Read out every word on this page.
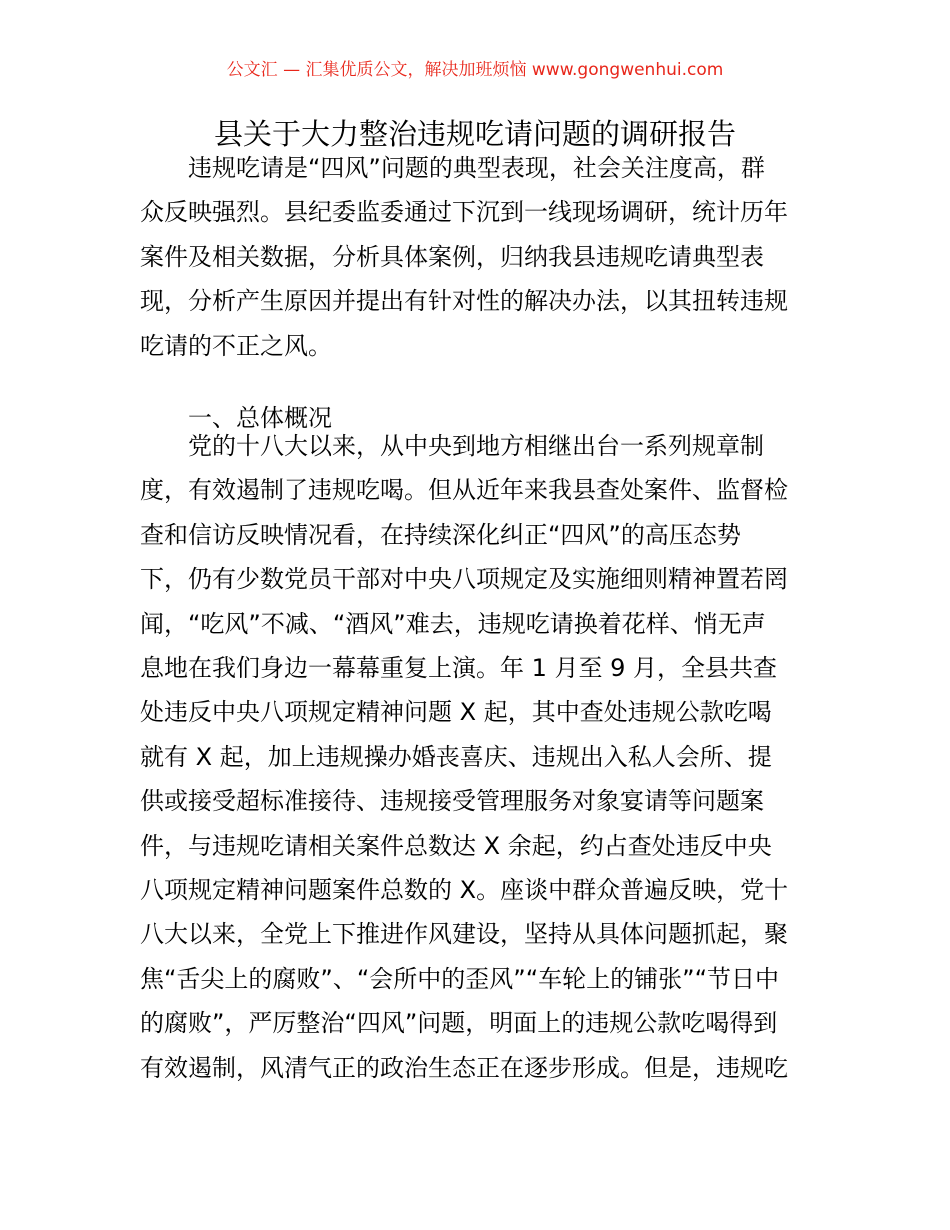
公文汇 — 汇集优质公文，解决加班烦恼 www.gongwenhui.com
县关于大力整治违规吃请问题的调研报告
违规吃请是“四风”问题的典型表现，社会关注度高，群
众反映强烈。县纪委监委通过下沉到一线现场调研，统计历年
案件及相关数据，分析具体案例，归纳我县违规吃请典型表
现，分析产生原因并提出有针对性的解决办法，以其扭转违规
吃请的不正之风。
一、总体概况
党的十八大以来，从中央到地方相继出台一系列规章制
度，有效遏制了违规吃喝。但从近年来我县查处案件、监督检
查和信访反映情况看，在持续深化纠正“四风”的高压态势
下，仍有少数党员干部对中央八项规定及实施细则精神置若罔
闻，“吃风”不减、“酒风”难去，违规吃请换着花样、悄无声
息地在我们身边一幕幕重复上演。年 1 月至 9 月，全县共查
处违反中央八项规定精神问题 X 起，其中查处违规公款吃喝
就有 X 起，加上违规操办婚丧喜庆、违规出入私人会所、提
供或接受超标准接待、违规接受管理服务对象宴请等问题案
件，与违规吃请相关案件总数达 X 余起，约占查处违反中央
八项规定精神问题案件总数的 X。座谈中群众普遍反映，党十
八大以来，全党上下推进作风建设，坚持从具体问题抓起，聚
焦“舌尖上的腐败”、“会所中的歪风”“车轮上的铺张”“节日中
的腐败”，严厉整治“四风”问题，明面上的违规公款吃喝得到
有效遏制，风清气正的政治生态正在逐步形成。但是，违规吃
